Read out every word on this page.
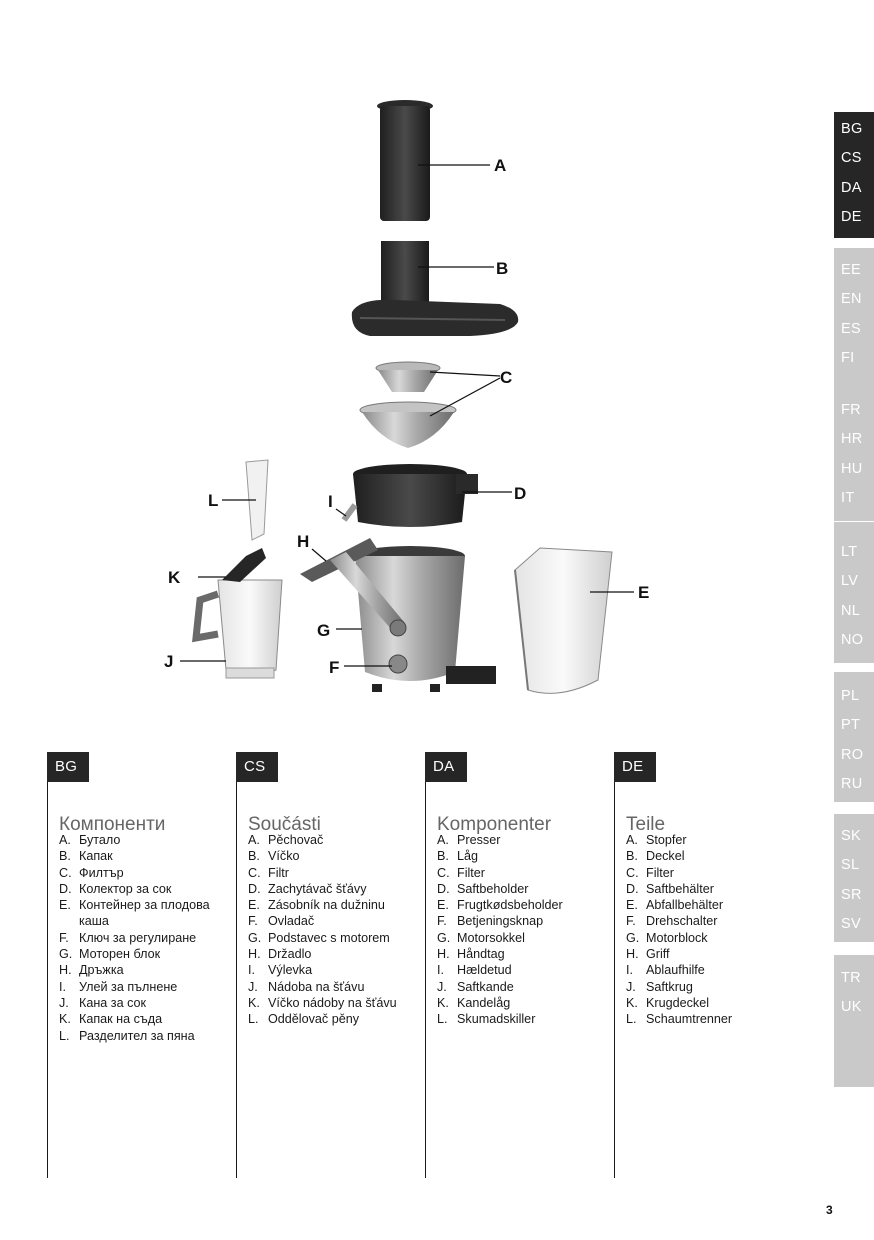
A
B
C
D
E
F
G
H
I
J
K
L
BG
CS
DA
DE
EE
EN
ES
FI
FR
HR
HU
IT
LT
LV
NL
NO
PL
PT
RO
RU
SK
SL
SR
SV
TR
UK
BG
Компоненти
A. Бутало
B. Капак
C. Филтър
D. Колектор за сок
E. Контейнер за плодова каша
F. Ключ за регулиране
G. Моторен блок
H. Дръжка
I.	Улей за пълнене
J. Кана за сок
K. Капак на съда
L. Разделител за пяна
CS
Součásti
A. Pěchovač
B. Víčko
C. Filtr
D. Zachytávač šťávy
E. Zásobník na dužninu
F. Ovladač
G. Podstavec s motorem
H. Držadlo
I.	Výlevka
J. Nádoba na šťávu
K. Víčko nádoby na šťávu
L. Oddělovač pěny
DA
Komponenter
A. Presser
B. Låg
C. Filter
D. Saftbeholder
E. Frugtkødsbeholder
F. Betjeningsknap
G. Motorsokkel
H. Håndtag
I.	Hældetud
J. Saftkande
K. Kandelåg
L. Skumadskiller
DE
Teile
A. Stopfer
B. Deckel
C. Filter
D. Saftbehälter
E. Abfallbehälter
F. Drehschalter
G. Motorblock
H. Griff
I.	Ablaufhilfe
J. Saftkrug
K. Krugdeckel
L. Schaumtrenner
3
